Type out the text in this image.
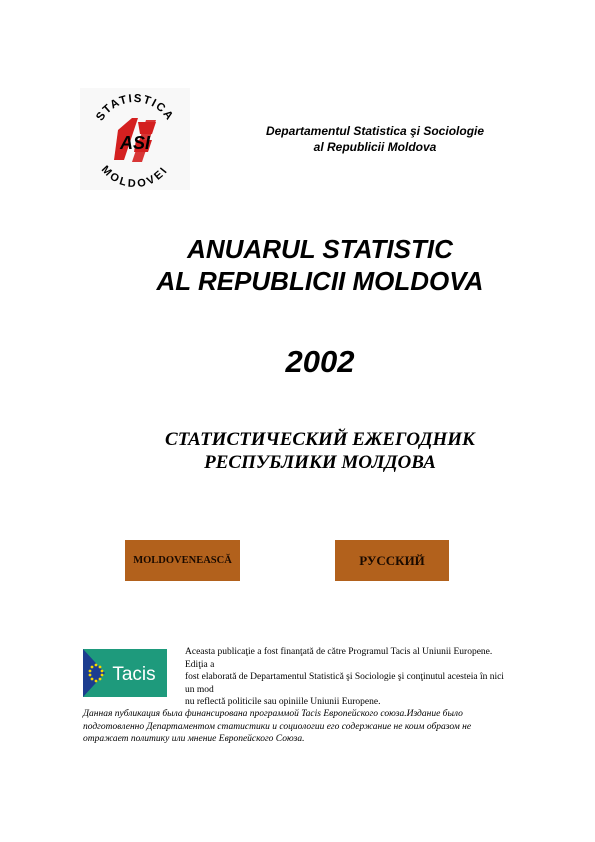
STATISTICA
MOLDOVEI
ASI
Departamentul Statistica şi Sociologie
al Republicii Moldova
ANUARUL STATISTIC
AL REPUBLICII MOLDOVA
2002
СТАТИСТИЧЕСКИЙ ЕЖЕГОДНИК
РЕСПУБЛИКИ МОЛДОВА
MOLDOVENEASCĂ	РУССКИЙ
Tacis
Aceasta publicaţie a fost finanţată de către Programul Tacis al Uniunii Europene.
Ediţia a
fost elaborată de Departamentul Statistică şi Sociologie şi conţinutul acesteia în nici
un mod
nu reflectă politicile sau opiniile Uniunii Europene.
Данная публикация была финансирована программой Tacis Европейского союза.Издание было
подготовленно Департаментом статистики и социологии его содержание не коим образом не
отражает политику или мнение Европейского Союза.
